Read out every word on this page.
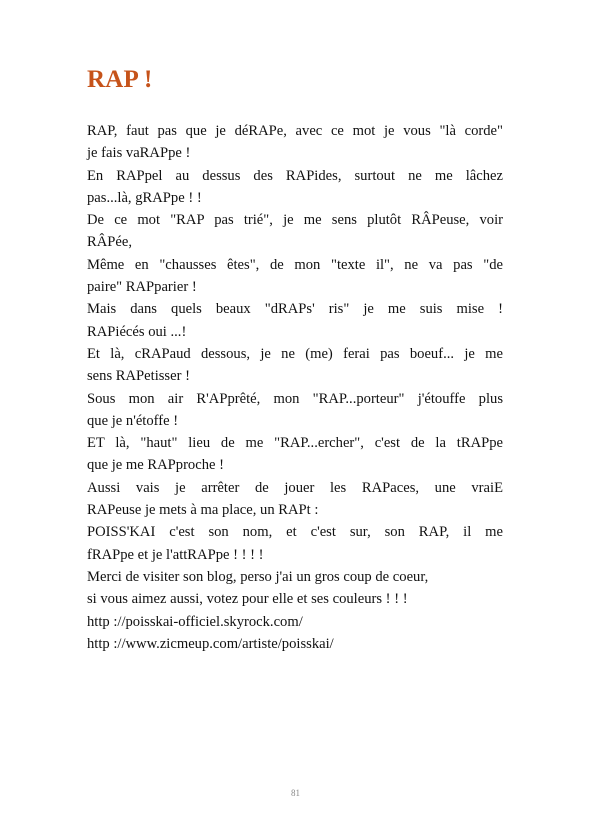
RAP !
RAP, faut pas que je déRAPe, avec ce mot je vous "là corde"
je fais vaRAPpe !
En RAPpel au dessus des RAPides, surtout ne me lâchez
pas...là, gRAPpe ! !
De ce mot "RAP pas trié", je me sens plutôt RÂPeuse, voir
RÂPée,
Même en "chausses êtes", de mon "texte il", ne va pas "de
paire" RAPparier !
Mais dans quels beaux "dRAPs' ris" je me suis mise !
RAPiécés oui ...!
Et là, cRAPaud dessous, je ne (me) ferai pas boeuf... je me
sens RAPetisser !
Sous mon air R'APprêté, mon "RAP...porteur" j'étouffe plus
que je n'étoffe !
ET là, "haut" lieu de me "RAP...ercher", c'est de la tRAPpe
que je me RAPproche !
Aussi vais je arrêter de jouer les RAPaces, une vraiE
RAPeuse je mets à ma place, un RAPt :
POISS'KAI c'est son nom, et c'est sur, son RAP, il me
fRAPpe et je l'attRAPpe ! ! ! !
Merci de visiter son blog, perso j'ai un gros coup de coeur,
si vous aimez aussi, votez pour elle et ses couleurs ! ! !
http ://poisskai-officiel.skyrock.com/
http ://www.zicmeup.com/artiste/poisskai/
81
